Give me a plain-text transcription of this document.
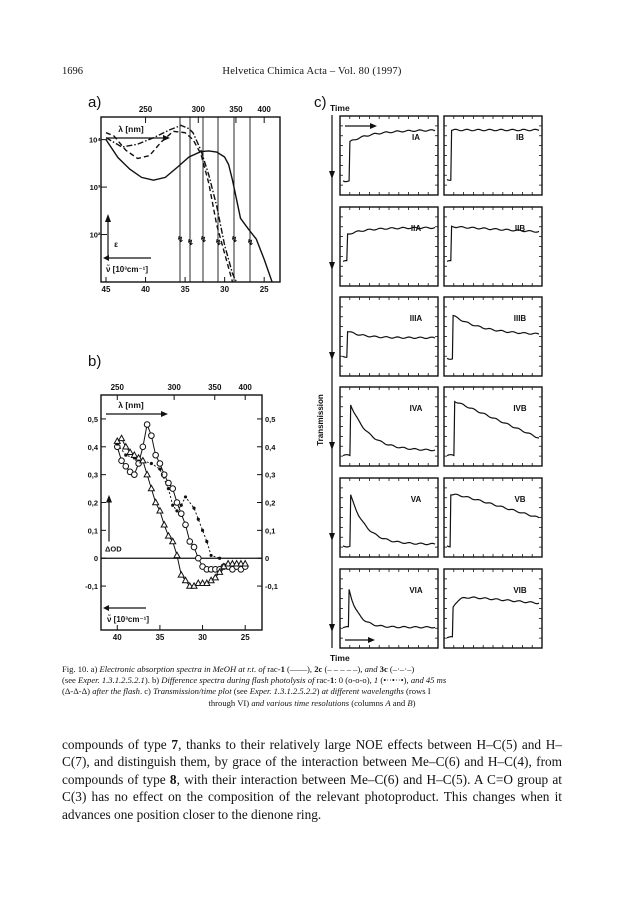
1696	Helvetica Chimica Acta – Vol. 80 (1997)
a)
b)
c)
250	300	350 400
λ [nm]
10⁴
10³
10²
ε
ν̃ [10³cm⁻¹]
45	40	35	30	25
↯ ↯ ↯ ↯ ↯ ↯
250	300	350 400
λ [nm]
0,5	0,5
0,4	0,4
0,3	0,3
0,2	0,2
0,1	0,1
0	0
-0,1	-0,1
ΔOD
ν̃ [10³cm⁻¹]
40	35	30	25
Time
Time
Transmission
IA	IB
IIA	IIB
IIIA	IIIB
IVA	IVB
VA	VB
VIA	VIB
Fig. 10. a) Electronic absorption spectra in MeOH at r.t. of rac-1 (——), 2c (– – – – –), and 3c (–·–·–)
(see Exper. 1.3.1.2.5.2.1). b) Difference spectra during flash photolysis of rac-1: 0 (o-o-o), 1 (•··•··•), and 45 ms
(Δ-Δ-Δ) after the flash. c) Transmission/time plot (see Exper. 1.3.1.2.5.2.2) at different wavelengths (rows I

through VI) and various time resolutions (columns A and B)

compounds of type 7, thanks to their relatively large NOE effects between H–C(5) and H–C(7), and distinguish them, by grace of the interaction between Me–C(6) and H–C(4), from compounds of type 8, with their interaction between Me–C(6) and H–C(5). A C=O group at C(3) has no effect on the composition of the relevant photoproduct. This changes when it advances one position closer to the dienone ring.
